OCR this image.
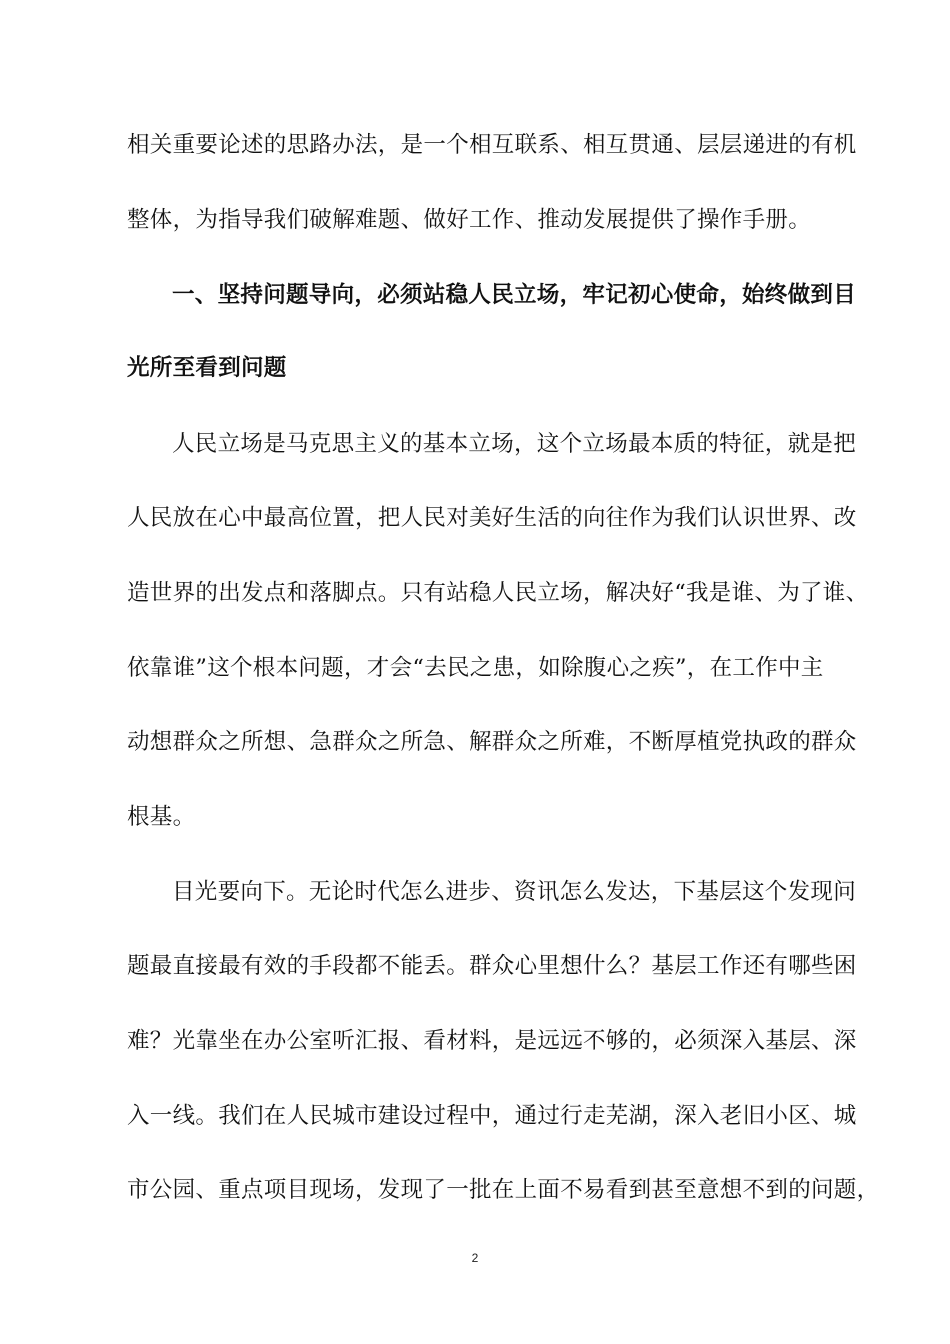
相关重要论述的思路办法，是一个相互联系、相互贯通、层层递进的有机
整体，为指导我们破解难题、做好工作、推动发展提供了操作手册。
一、坚持问题导向，必须站稳人民立场，牢记初心使命，始终做到目
光所至看到问题
人民立场是马克思主义的基本立场，这个立场最本质的特征，就是把
人民放在心中最高位置，把人民对美好生活的向往作为我们认识世界、改
造世界的出发点和落脚点。只有站稳人民立场，解决好“我是谁、为了谁、
依靠谁”这个根本问题，才会“去民之患，如除腹心之疾”，在工作中主
动想群众之所想、急群众之所急、解群众之所难，不断厚植党执政的群众
根基。
目光要向下。无论时代怎么进步、资讯怎么发达，下基层这个发现问
题最直接最有效的手段都不能丢。群众心里想什么？基层工作还有哪些困
难？光靠坐在办公室听汇报、看材料，是远远不够的，必须深入基层、深
入一线。我们在人民城市建设过程中，通过行走芜湖，深入老旧小区、城
市公园、重点项目现场，发现了一批在上面不易看到甚至意想不到的问题，
2
